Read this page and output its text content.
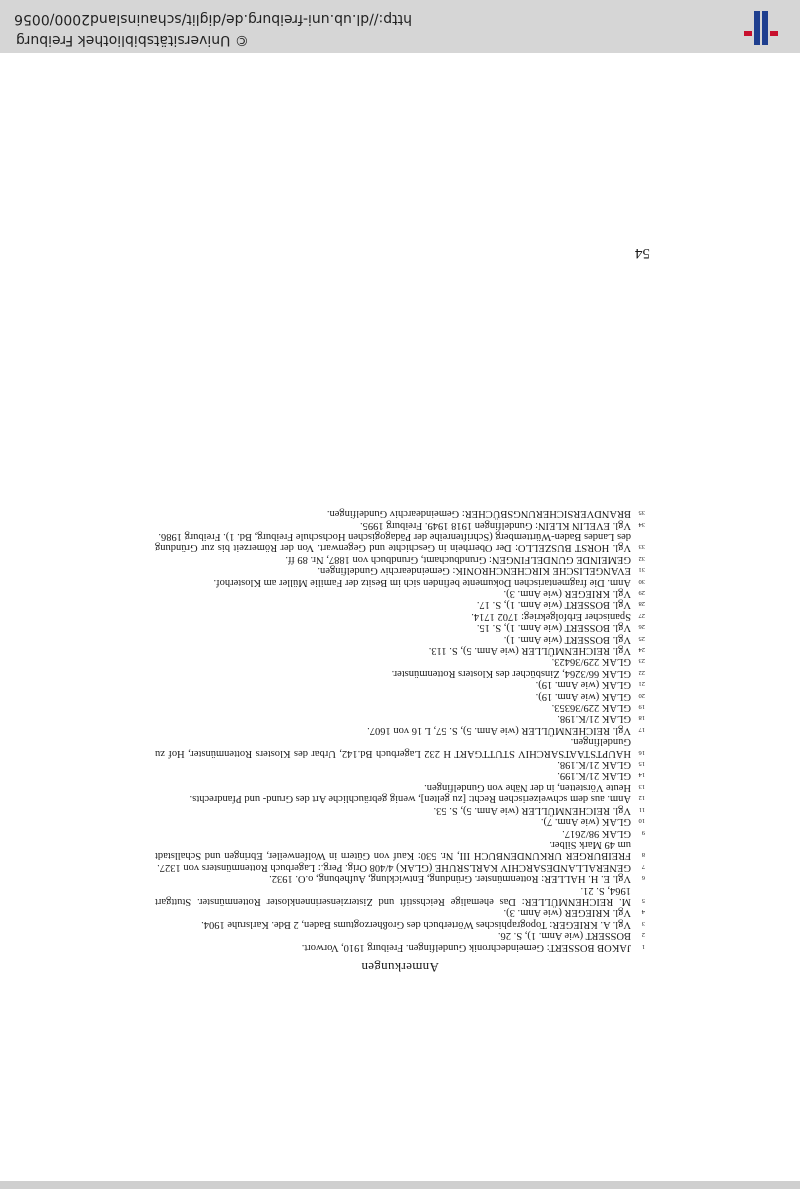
Anmerkungen
1
JAKOB BOSSERT: Gemeindechronik Gundelfingen. Freiburg 1910, Vorwort.
2
BOSSERT (wie Anm. 1), S. 26.
3
Vgl. A. KRIEGER: Topographisches Wörterbuch des Großherzogtums Baden, 2 Bde. Karlsruhe 1904.
4
Vgl. KRIEGER (wie Anm. 3).
5
M. REICHENMÜLLER: Das ehemalige Reichsstift und Zisterzienserinnenkloster Rottenmünster. Stuttgart 1964, S. 21.
6
Vgl. E. H. HALLER: Rottenmünster. Gründung, Entwicklung, Aufhebung, o.O. 1932.
7
GENERALLANDESARCHIV KARLSRUHE (GLAK) 4/408 Orig. Perg.: Lagerbuch Rottenmünsters von 1327.
8
FREIBURGER URKUNDENBUCH III, Nr. 530: Kauf von Gütern in Wolfenweiler, Ebringen und Schallstadt um 49 Mark Silber.
9
GLAK 98/2617.
10
GLAK (wie Anm. 7).
11
Vgl. REICHENMÜLLER (wie Anm. 5), S. 53.
12
Anm. aus dem schweizerischen Recht: [zu gelten], wenig gebräuchliche Art des Grund- und Pfandrechts.
13
Heute Vörstetten, in der Nähe von Gundelfingen.
14
GLAK 21/K.199.
15
GLAK 21/K.198.
16
HAUPTSTAATSARCHIV STUTTGART H 232 Lagerbuch Bd.142, Urbar des Klosters Rottenmünster, Hof zu Gundelfingen.
17
Vgl. REICHENMÜLLER (wie Anm. 5), S. 57, L 16 von 1607.
18
GLAK 21/K.198.
19
GLAK 229/36353.
20
GLAK (wie Anm. 19).
21
GLAK (wie Anm. 19).
22
GLAK 66/3264, Zinsbücher des Klosters Rottenmünster.
23
GLAK 229/36423.
24
Vgl. REICHENMÜLLER (wie Anm. 5), S. 113.
25
Vgl. BOSSERT (wie Anm. 1).
26
Vgl. BOSSERT (wie Anm. 1), S. 15.
27
Spanischer Erbfolgekrieg: 1702 1714.
28
Vgl. BOSSERT (wie Anm. 1), S. 17.
29
Vgl. KRIEGER (wie Anm. 3).
30
Anm. Die fragmentarischen Dokumente befinden sich im Besitz der Familie Müller am Klosterhof.
31
EVANGELISCHE KIRCHENCHRONIK: Gemeindearchiv Gundelfingen.
32
GEMEINDE GUNDELFINGEN: Grundbuchamt, Grundbuch von 1887, Nr. 89 ff.
33
Vgl. HORST BUSZELLO: Der Oberrhein in Geschichte und Gegenwart. Von der Römerzeit bis zur Gründung des Landes Baden-Württemberg (Schriftenreihe der Pädagogischen Hochschule Freiburg, Bd. 1). Freiburg 1986.
34
Vgl. EVELIN KLEIN: Gundelfingen 1918 1949. Freiburg 1995.
35
BRANDVERSICHERUNGSBÜCHER: Gemeindearchiv Gundelfingen.
54
© Universitätsbibliothek Freiburg
http://dl.ub.uni-freiburg.de/diglit/schauinsland2000/0056
